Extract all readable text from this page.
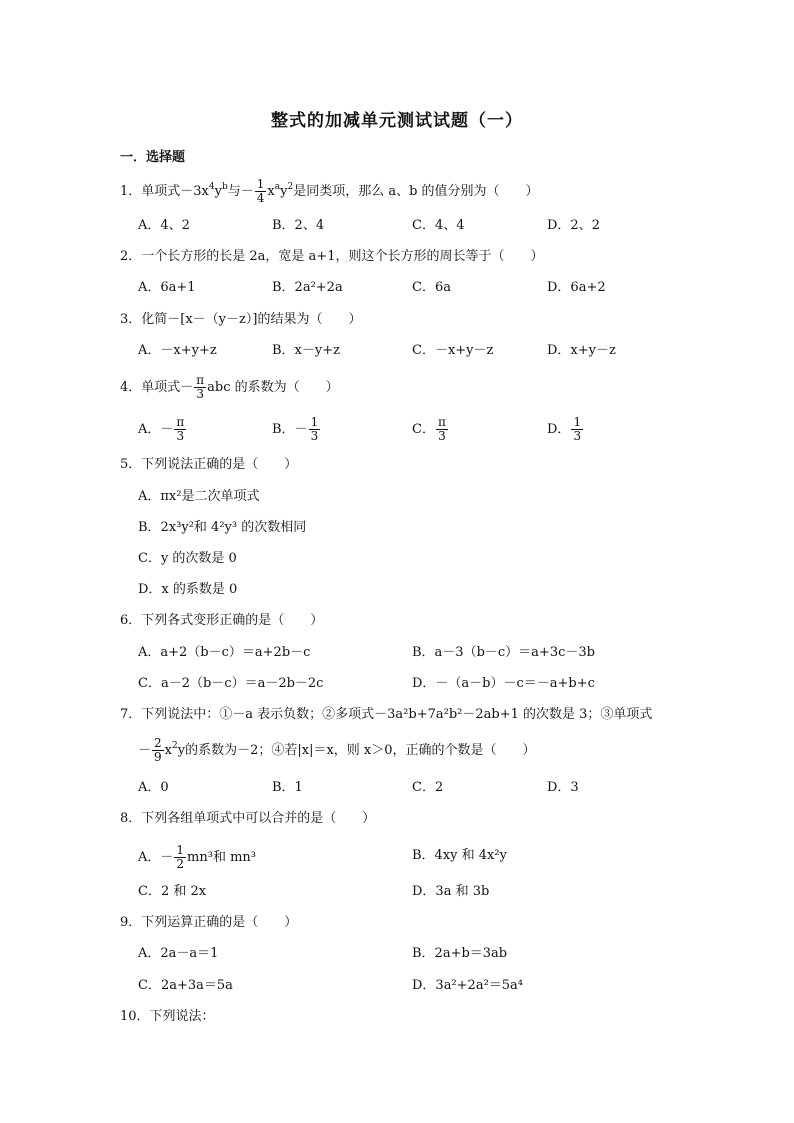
整式的加减单元测试试题（一）
一．选择题
1．单项式$-3x^4y^b$与－ $\frac{1}{4} x^ay^2$是同类项，那么 a、b 的值分别为（　　）
A．4、2	B．2、4	C．4、4	D．2、2
2．一个长方形的长是 2a，宽是 a+1，则这个长方形的周长等于（　　）
A．6a+1	B．2a²+2a	C．6a	D．6a+2
3．化简－[x－（y－z）]的结果为（　　）
A．－x+y+z	B．x－y+z	C．－x+y－z	D．x+y－z
4．单项式－ $\frac{\pi}{3}$ abc 的系数为（　　）
A．－ $\frac{\pi}{3}$	B．－ $\frac{1}{3}$	C． $\frac{\pi}{3}$	D． $\frac{1}{3}$
5．下列说法正确的是（　　）
A．πx²是二次单项式
B．2x³y²和 4²y³ 的次数相同
C．y 的次数是 0
D．x 的系数是 0
6．下列各式变形正确的是（　　）
A．a+2（b－c）＝a+2b－c	B．a－3（b－c）＝a+3c－3b
C．a－2（b－c）＝a－2b－2c	D．－（a－b）－c＝－a+b+c
7．下列说法中：①－a 表示负数；②多项式－3a²b+7a²b²－2ab+1 的次数是 3；③单项式
－ $\frac{2}{9} x^2y$的系数为－2；④若|x|＝x，则 x＞0，正确的个数是（　　）
A．0	B．1	C．2	D．3
8．下列各组单项式中可以合并的是（　　）
A．－ $\frac{1}{2} mn^3$和 mn³	B．4xy 和 4x²y
C．2 和 2x	D．3a 和 3b
9．下列运算正确的是（　　）
A．2a－a＝1	B．2a+b＝3ab
C．2a+3a＝5a	D．3a²+2a²＝5a⁴
10．下列说法：
